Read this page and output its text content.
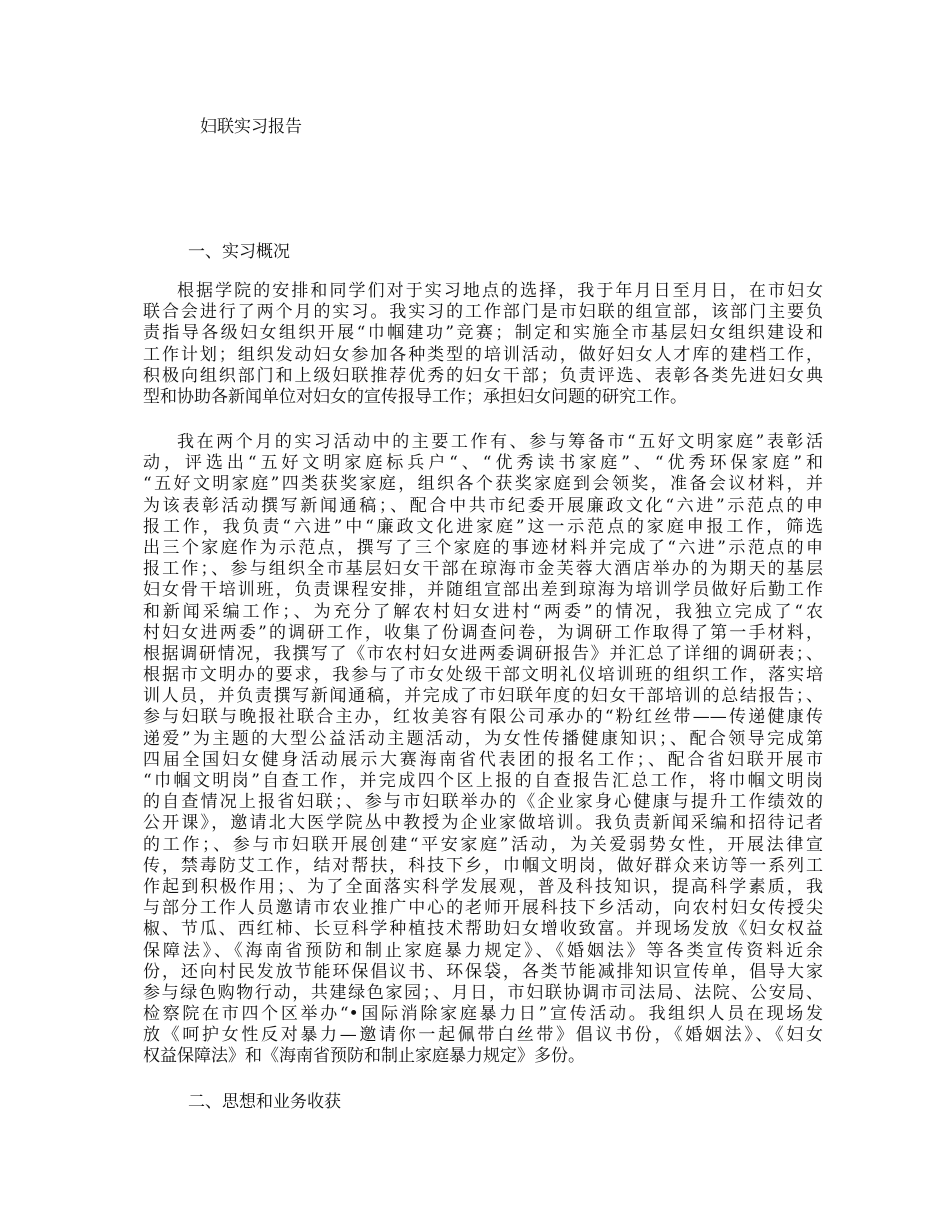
妇联实习报告
一、实习概况
根据学院的安排和同学们对于实习地点的选择，我于年月日至月日，在市妇女
联合会进行了两个月的实习。我实习的工作部门是市妇联的组宣部，该部门主要负
责指导各级妇女组织开展“巾帼建功”竞赛；制定和实施全市基层妇女组织建设和
工作计划；组织发动妇女参加各种类型的培训活动，做好妇女人才库的建档工作，
积极向组织部门和上级妇联推荐优秀的妇女干部；负责评选、表彰各类先进妇女典
型和协助各新闻单位对妇女的宣传报导工作；承担妇女问题的研究工作。
我在两个月的实习活动中的主要工作有、参与筹备市“五好文明家庭”表彰活
动，评选出“五好文明家庭标兵户“、“优秀读书家庭”、“优秀环保家庭”和
“五好文明家庭”四类获奖家庭，组织各个获奖家庭到会领奖，准备会议材料，并
为该表彰活动撰写新闻通稿；、配合中共市纪委开展廉政文化“六进”示范点的申
报工作，我负责“六进”中“廉政文化进家庭”这一示范点的家庭申报工作，筛选
出三个家庭作为示范点，撰写了三个家庭的事迹材料并完成了“六进”示范点的申
报工作；、参与组织全市基层妇女干部在琼海市金芙蓉大酒店举办的为期天的基层
妇女骨干培训班，负责课程安排，并随组宣部出差到琼海为培训学员做好后勤工作
和新闻采编工作；、为充分了解农村妇女进村“两委”的情况，我独立完成了“农
村妇女进两委”的调研工作，收集了份调查问卷，为调研工作取得了第一手材料，
根据调研情况，我撰写了《市农村妇女进两委调研报告》并汇总了详细的调研表；、
根据市文明办的要求，我参与了市女处级干部文明礼仪培训班的组织工作，落实培
训人员，并负责撰写新闻通稿，并完成了市妇联年度的妇女干部培训的总结报告；、
参与妇联与晚报社联合主办，红妆美容有限公司承办的“粉红丝带——传递健康传
递爱”为主题的大型公益活动主题活动，为女性传播健康知识；、配合领导完成第
四届全国妇女健身活动展示大赛海南省代表团的报名工作；、配合省妇联开展市
“巾帼文明岗”自查工作，并完成四个区上报的自查报告汇总工作，将巾帼文明岗
的自查情况上报省妇联；、参与市妇联举办的《企业家身心健康与提升工作绩效的
公开课》，邀请北大医学院丛中教授为企业家做培训。我负责新闻采编和招待记者
的工作；、参与市妇联开展创建“平安家庭”活动，为关爱弱势女性，开展法律宣
传，禁毒防艾工作，结对帮扶，科技下乡，巾帼文明岗，做好群众来访等一系列工
作起到积极作用；、为了全面落实科学发展观，普及科技知识，提高科学素质，我
与部分工作人员邀请市农业推广中心的老师开展科技下乡活动，向农村妇女传授尖
椒、节瓜、西红柿、长豆科学种植技术帮助妇女增收致富。并现场发放《妇女权益
保障法》、《海南省预防和制止家庭暴力规定》、《婚姻法》等各类宣传资料近余
份，还向村民发放节能环保倡议书、环保袋，各类节能减排知识宣传单，倡导大家
参与绿色购物行动，共建绿色家园；、月日，市妇联协调市司法局、法院、公安局、
检察院在市四个区举办“•国际消除家庭暴力日”宣传活动。我组织人员在现场发
放《呵护女性反对暴力—邀请你一起佩带白丝带》倡议书份，《婚姻法》、《妇女
权益保障法》和《海南省预防和制止家庭暴力规定》多份。
二、思想和业务收获
